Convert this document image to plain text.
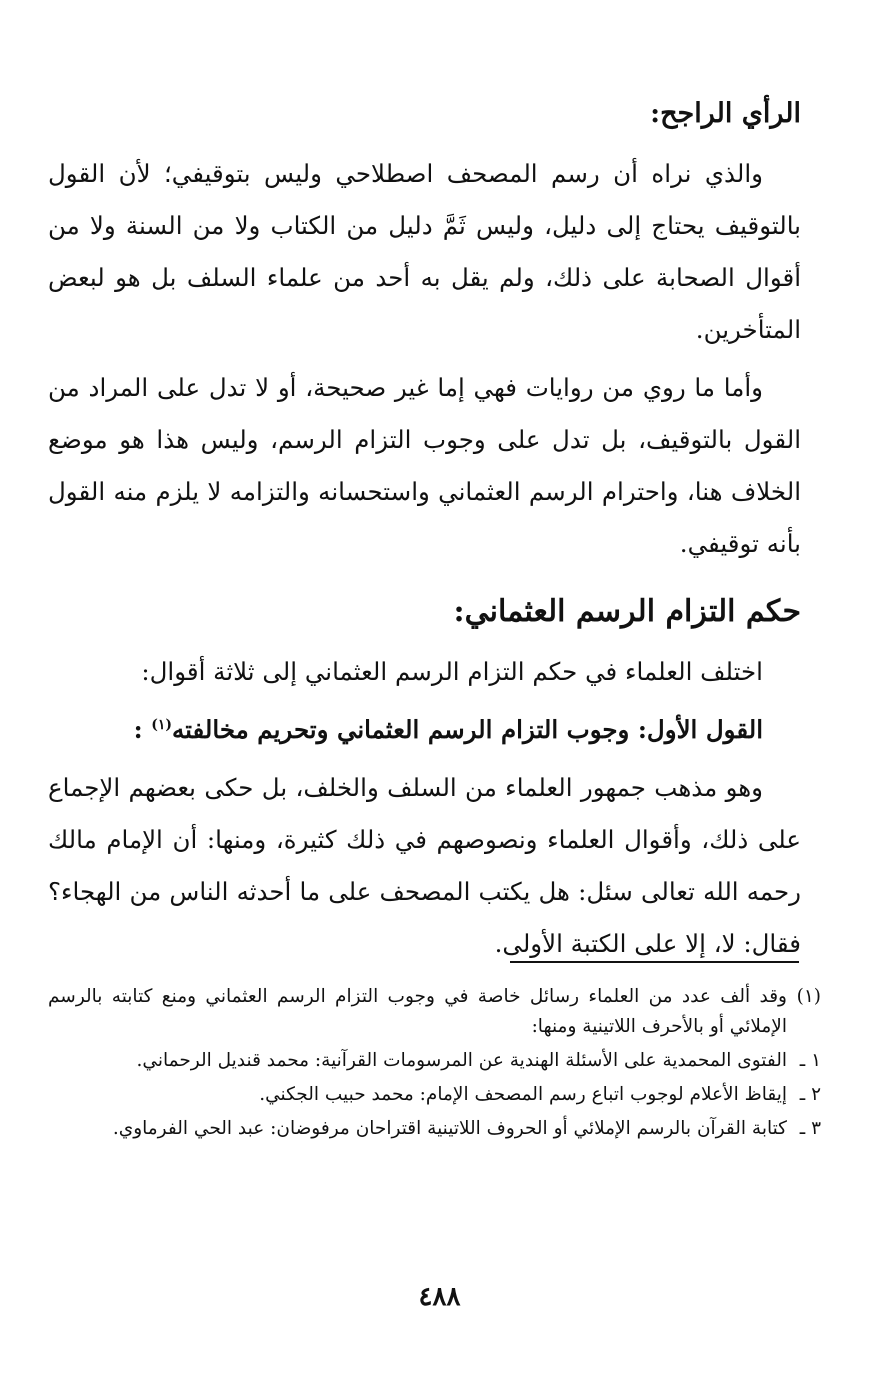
الرأي الراجح:

والذي نراه أن رسم المصحف اصطلاحي وليس بتوقيفي؛ لأن القول بالتوقيف يحتاج إلى دليل، وليس ثَمَّ دليل من الكتاب ولا من السنة ولا من أقوال الصحابة على ذلك، ولم يقل به أحد من علماء السلف بل هو لبعض المتأخرين.

وأما ما روي من روايات فهي إما غير صحيحة، أو لا تدل على المراد من القول بالتوقيف، بل تدل على وجوب التزام الرسم، وليس هذا هو موضع الخلاف هنا، واحترام الرسم العثماني واستحسانه والتزامه لا يلزم منه القول بأنه توقيفي.

حكم التزام الرسم العثماني:

اختلف العلماء في حكم التزام الرسم العثماني إلى ثلاثة أقوال:

القول الأول: وجوب التزام الرسم العثماني وتحريم مخالفته$^{(١)}$ :

وهو مذهب جمهور العلماء من السلف والخلف، بل حكى بعضهم الإجماع على ذلك، وأقوال العلماء ونصوصهم في ذلك كثيرة، ومنها: أن الإمام مالك رحمه الله تعالى سئل: هل يكتب المصحف على ما أحدثه الناس من الهجاء؟ فقال: لا، إلا على الكتبة الأولى.

(١)وقد ألف عدد من العلماء رسائل خاصة في وجوب التزام الرسم العثماني ومنع كتابته بالرسم الإملائي أو بالأحرف اللاتينية ومنها:

١ ـالفتوى المحمدية على الأسئلة الهندية عن المرسومات القرآنية: محمد قنديل الرحماني.

٢ ـإيقاظ الأعلام لوجوب اتباع رسم المصحف الإمام: محمد حبيب الجكني.

٣ ـكتابة القرآن بالرسم الإملائي أو الحروف اللاتينية اقتراحان مرفوضان: عبد الحي الفرماوي.

٤٨٨
